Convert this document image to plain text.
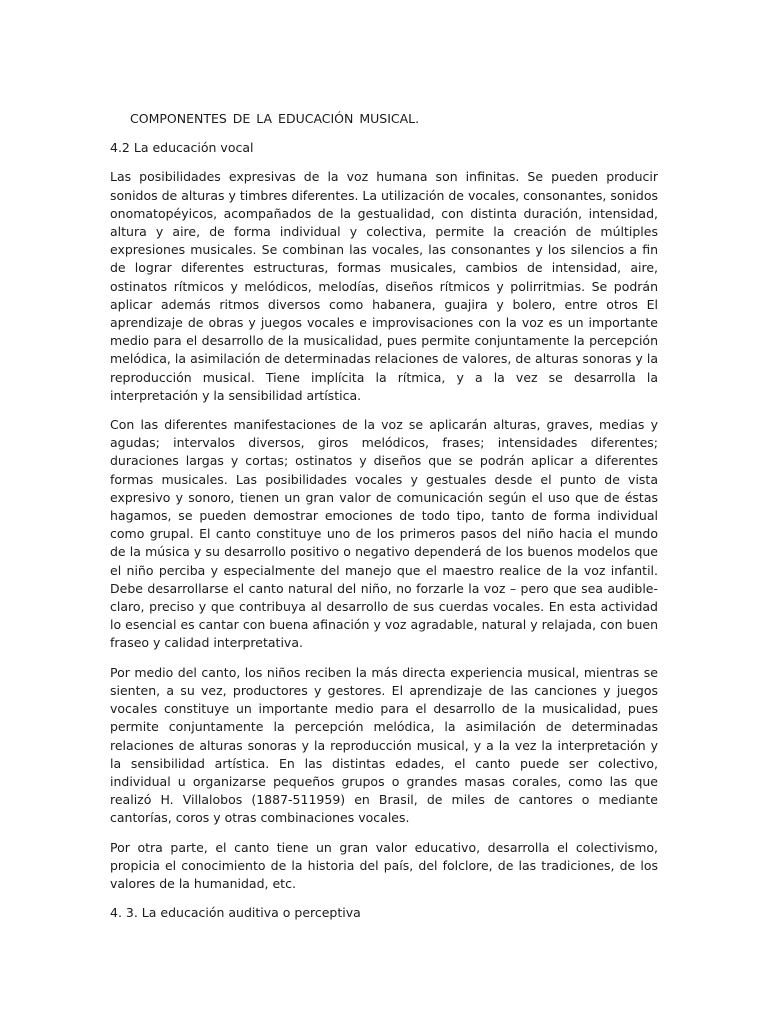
COMPONENTES DE LA EDUCACIÓN MUSICAL.

4.2 La educación vocal

Las posibilidades expresivas de la voz humana son infinitas. Se pueden producir sonidos de alturas y timbres diferentes. La utilización de vocales, consonantes, sonidos onomatopéyicos, acompañados de la gestualidad, con distinta duración, intensidad, altura y aire, de forma individual y colectiva, permite la creación de múltiples expresiones musicales. Se combinan las vocales, las consonantes y los silencios a fin de lograr diferentes estructuras, formas musicales, cambios de intensidad, aire, ostinatos rítmicos y melódicos, melodías, diseños rítmicos y polirritmias. Se podrán aplicar además ritmos diversos como habanera, guajira y bolero, entre otros El aprendizaje de obras y juegos vocales e improvisaciones con la voz es un importante medio para el desarrollo de la musicalidad, pues permite conjuntamente la percepción melódica, la asimilación de determinadas relaciones de valores, de alturas sonoras y la reproducción musical. Tiene implícita la rítmica, y a la vez se desarrolla la interpretación y la sensibilidad artística.

Con las diferentes manifestaciones de la voz se aplicarán alturas, graves, medias y agudas; intervalos diversos, giros melódicos, frases; intensidades diferentes; duraciones largas y cortas; ostinatos y diseños que se podrán aplicar a diferentes formas musicales. Las posibilidades vocales y gestuales desde el punto de vista expresivo y sonoro, tienen un gran valor de comunicación según el uso que de éstas hagamos, se pueden demostrar emociones de todo tipo, tanto de forma individual como grupal. El canto constituye uno de los primeros pasos del niño hacia el mundo de la música y su desarrollo positivo o negativo dependerá de los buenos modelos que el niño perciba y especialmente del manejo que el maestro realice de la voz infantil. Debe desarrollarse el canto natural del niño, no forzarle la voz – pero que sea audible- claro, preciso y que contribuya al desarrollo de sus cuerdas vocales. En esta actividad lo esencial es cantar con buena afinación y voz agradable, natural y relajada, con buen fraseo y calidad interpretativa.

Por medio del canto, los niños reciben la más directa experiencia musical, mientras se sienten, a su vez, productores y gestores. El aprendizaje de las canciones y juegos vocales constituye un importante medio para el desarrollo de la musicalidad, pues permite conjuntamente la percepción melódica, la asimilación de determinadas relaciones de alturas sonoras y la reproducción musical, y a la vez la interpretación y la sensibilidad artística. En las distintas edades, el canto puede ser colectivo, individual u organizarse pequeños grupos o grandes masas corales, como las que realizó H. Villalobos (1887-511959) en Brasil, de miles de cantores o mediante cantorías, coros y otras combinaciones vocales.

Por otra parte, el canto tiene un gran valor educativo, desarrolla el colectivismo, propicia el conocimiento de la historia del país, del folclore, de las tradiciones, de los valores de la humanidad, etc.

4. 3. La educación auditiva o perceptiva
